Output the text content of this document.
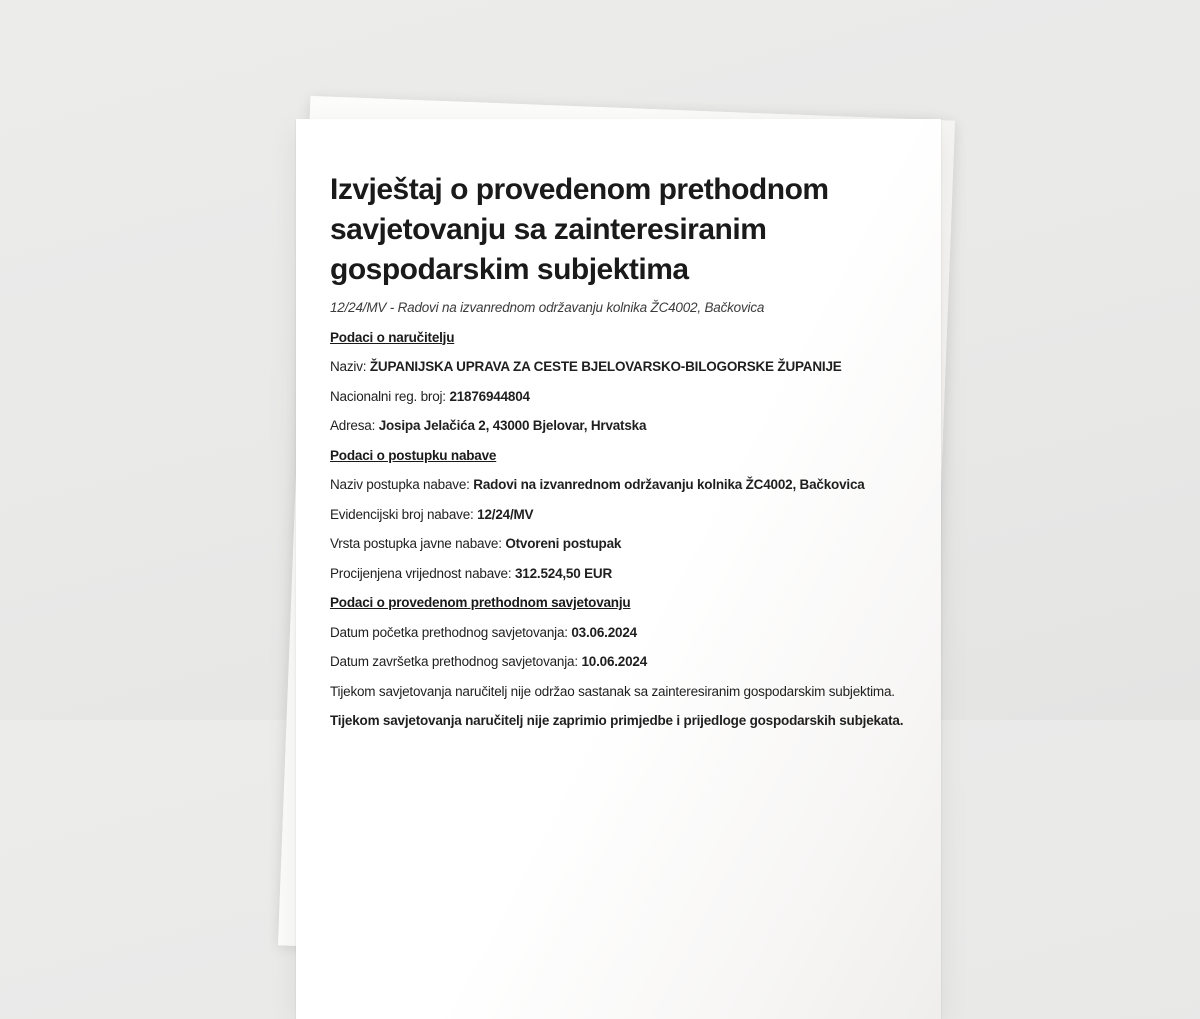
Izvještaj o provedenom prethodnom
savjetovanju sa zainteresiranim
gospodarskim subjektima

12/24/MV - Radovi na izvanrednom održavanju kolnika ŽC4002, Bačkovica

Podaci o naručitelju

Naziv: ŽUPANIJSKA UPRAVA ZA CESTE BJELOVARSKO-BILOGORSKE ŽUPANIJE

Nacionalni reg. broj: 21876944804

Adresa: Josipa Jelačića 2, 43000 Bjelovar, Hrvatska

Podaci o postupku nabave

Naziv postupka nabave: Radovi na izvanrednom održavanju kolnika ŽC4002, Bačkovica

Evidencijski broj nabave: 12/24/MV

Vrsta postupka javne nabave: Otvoreni postupak

Procijenjena vrijednost nabave: 312.524,50 EUR

Podaci o provedenom prethodnom savjetovanju

Datum početka prethodnog savjetovanja: 03.06.2024

Datum završetka prethodnog savjetovanja: 10.06.2024

Tijekom savjetovanja naručitelj nije održao sastanak sa zainteresiranim gospodarskim subjektima.

Tijekom savjetovanja naručitelj nije zaprimio primjedbe i prijedloge gospodarskih subjekata.
